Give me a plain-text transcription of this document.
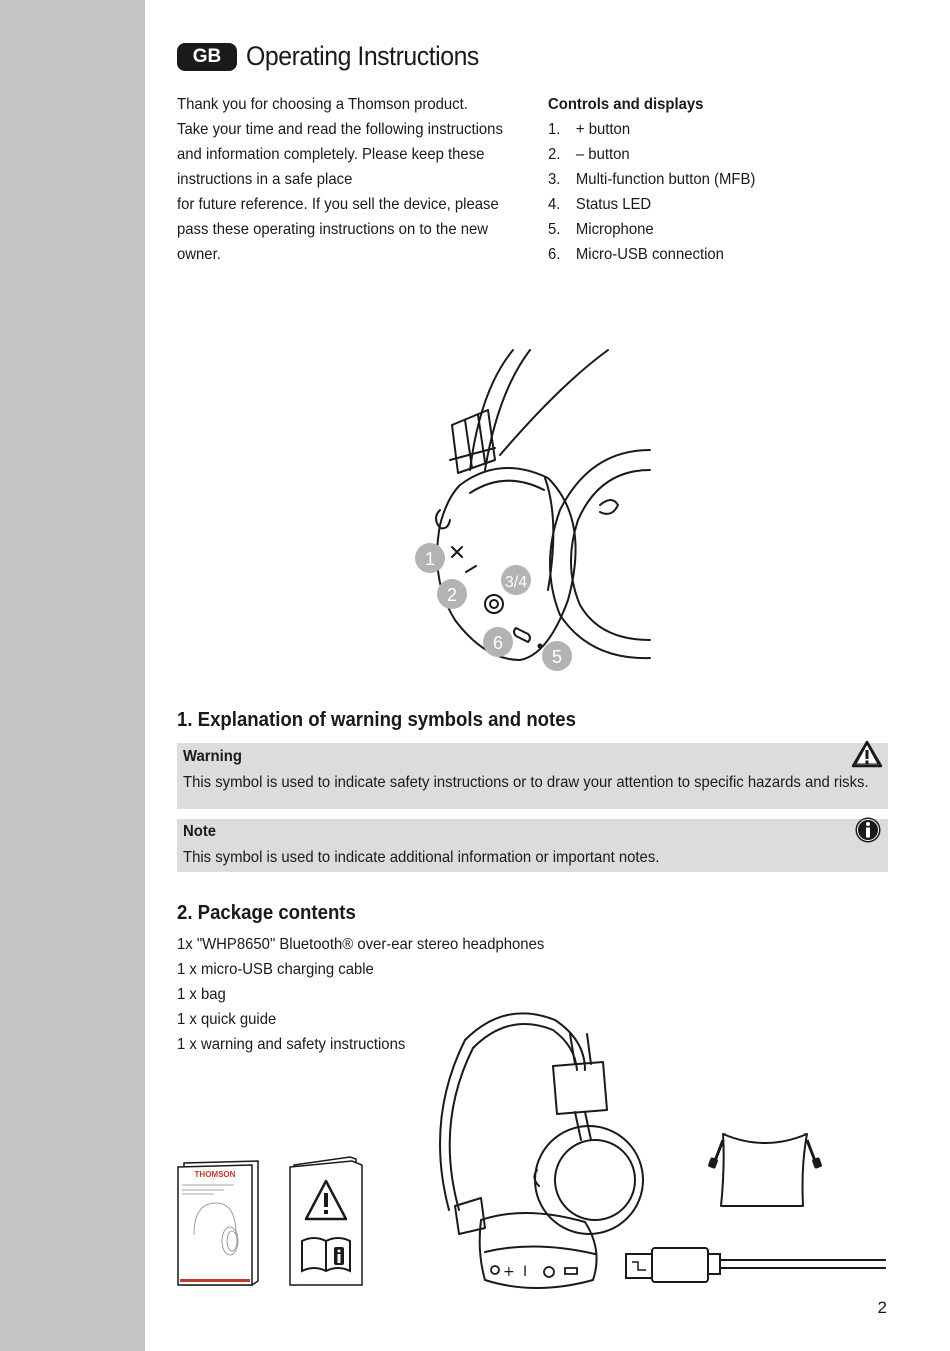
GB Operating Instructions
Thank you for choosing a Thomson product.
Take your time and read the following instructions
and information completely. Please keep these
instructions in a safe place
for future reference. If you sell the device, please
pass these operating instructions on to the new
owner.
Controls and displays
1. + button
2. – button
3. Multi-function button (MFB)
4. Status LED
5. Microphone
6. Micro-USB connection
1
2
3/4
6
5
1. Explanation of warning symbols and notes
Warning
This symbol is used to indicate safety instructions or to draw your attention to specific hazards and risks.
Note
This symbol is used to indicate additional information or important notes.
2. Package contents
1x "WHP8650" Bluetooth® over-ear stereo headphones
1 x micro-USB charging cable
1 x bag
1 x quick guide
1 x warning and safety instructions
THOMSON
+ I
2
